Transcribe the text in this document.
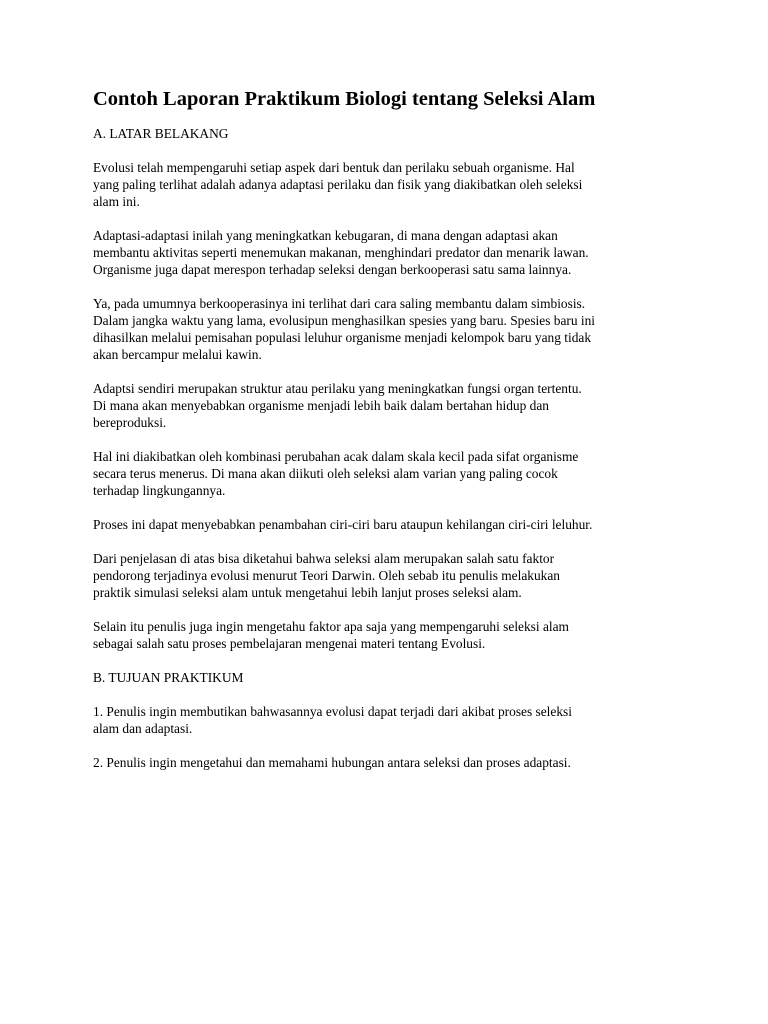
Contoh Laporan Praktikum Biologi tentang Seleksi Alam

A. LATAR BELAKANG

Evolusi telah mempengaruhi setiap aspek dari bentuk dan perilaku sebuah organisme. Hal
yang paling terlihat adalah adanya adaptasi perilaku dan fisik yang diakibatkan oleh seleksi
alam ini.

Adaptasi-adaptasi inilah yang meningkatkan kebugaran, di mana dengan adaptasi akan
membantu aktivitas seperti menemukan makanan, menghindari predator dan menarik lawan.
Organisme juga dapat merespon terhadap seleksi dengan berkooperasi satu sama lainnya.

Ya, pada umumnya berkooperasinya ini terlihat dari cara saling membantu dalam simbiosis.
Dalam jangka waktu yang lama, evolusipun menghasilkan spesies yang baru. Spesies baru ini
dihasilkan melalui pemisahan populasi leluhur organisme menjadi kelompok baru yang tidak
akan bercampur melalui kawin.

Adaptsi sendiri merupakan struktur atau perilaku yang meningkatkan fungsi organ tertentu.
Di mana akan menyebabkan organisme menjadi lebih baik dalam bertahan hidup dan
bereproduksi.

Hal ini diakibatkan oleh kombinasi perubahan acak dalam skala kecil pada sifat organisme
secara terus menerus. Di mana akan diikuti oleh seleksi alam varian yang paling cocok
terhadap lingkungannya.

Proses ini dapat menyebabkan penambahan ciri-ciri baru ataupun kehilangan ciri-ciri leluhur.

Dari penjelasan di atas bisa diketahui bahwa seleksi alam merupakan salah satu faktor
pendorong terjadinya evolusi menurut Teori Darwin. Oleh sebab itu penulis melakukan
praktik simulasi seleksi alam untuk mengetahui lebih lanjut proses seleksi alam.

Selain itu penulis juga ingin mengetahu faktor apa saja yang mempengaruhi seleksi alam
sebagai salah satu proses pembelajaran mengenai materi tentang Evolusi.

B. TUJUAN PRAKTIKUM

1. Penulis ingin membutikan bahwasannya evolusi dapat terjadi dari akibat proses seleksi
alam dan adaptasi.

2. Penulis ingin mengetahui dan memahami hubungan antara seleksi dan proses adaptasi.
